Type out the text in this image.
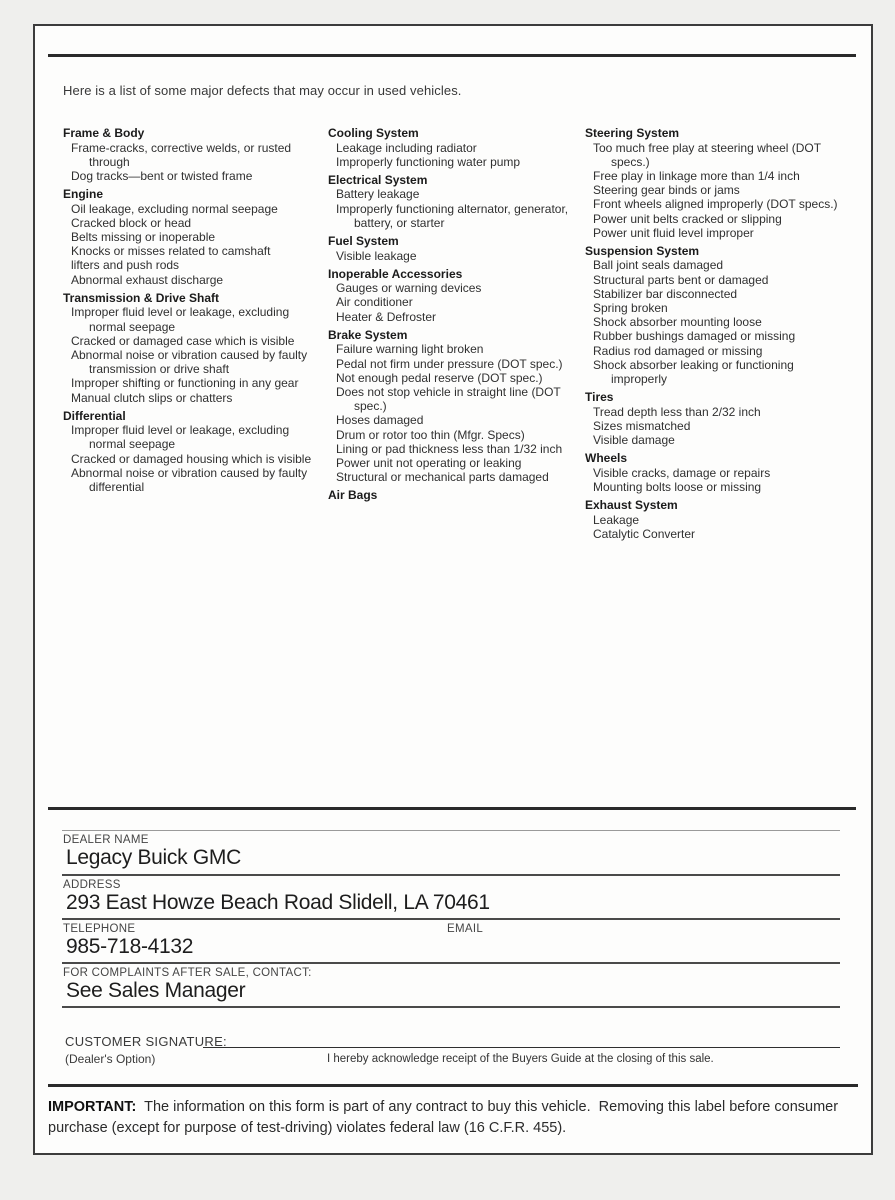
Here is a list of some major defects that may occur in used vehicles.
Frame & Body
Frame-cracks, corrective welds, or rusted through
Dog tracks—bent or twisted frame
Engine
Oil leakage, excluding normal seepage
Cracked block or head
Belts missing or inoperable
Knocks or misses related to camshaft
lifters and push rods
Abnormal exhaust discharge
Transmission & Drive Shaft
Improper fluid level or leakage, excluding normal seepage
Cracked or damaged case which is visible
Abnormal noise or vibration caused by faulty transmission or drive shaft
Improper shifting or functioning in any gear
Manual clutch slips or chatters
Differential
Improper fluid level or leakage, excluding normal seepage
Cracked or damaged housing which is visible
Abnormal noise or vibration caused by faulty differential
Cooling System
Leakage including radiator
Improperly functioning water pump
Electrical System
Battery leakage
Improperly functioning alternator, generator, battery, or starter
Fuel System
Visible leakage
Inoperable Accessories
Gauges or warning devices
Air conditioner
Heater & Defroster
Brake System
Failure warning light broken
Pedal not firm under pressure (DOT spec.)
Not enough pedal reserve (DOT spec.)
Does not stop vehicle in straight line (DOT spec.)
Hoses damaged
Drum or rotor too thin (Mfgr. Specs)
Lining or pad thickness less than 1/32 inch
Power unit not operating or leaking
Structural or mechanical parts damaged
Air Bags
Steering System
Too much free play at steering wheel (DOT specs.)
Free play in linkage more than 1/4 inch
Steering gear binds or jams
Front wheels aligned improperly (DOT specs.)
Power unit belts cracked or slipping
Power unit fluid level improper
Suspension System
Ball joint seals damaged
Structural parts bent or damaged
Stabilizer bar disconnected
Spring broken
Shock absorber mounting loose
Rubber bushings damaged or missing
Radius rod damaged or missing
Shock absorber leaking or functioning improperly
Tires
Tread depth less than 2/32 inch
Sizes mismatched
Visible damage
Wheels
Visible cracks, damage or repairs
Mounting bolts loose or missing
Exhaust System
Leakage
Catalytic Converter
DEALER NAME
Legacy Buick GMC
ADDRESS
293 East Howze Beach Road Slidell, LA 70461
TELEPHONE	EMAIL
985-718-4132
FOR COMPLAINTS AFTER SALE, CONTACT:
See Sales Manager
CUSTOMER SIGNATURE:
(Dealer's Option)	I hereby acknowledge receipt of the Buyers Guide at the closing of this sale.
IMPORTANT:  The information on this form is part of any contract to buy this vehicle.  Removing this label before consumer purchase (except for purpose of test-driving) violates federal law (16 C.F.R. 455).
